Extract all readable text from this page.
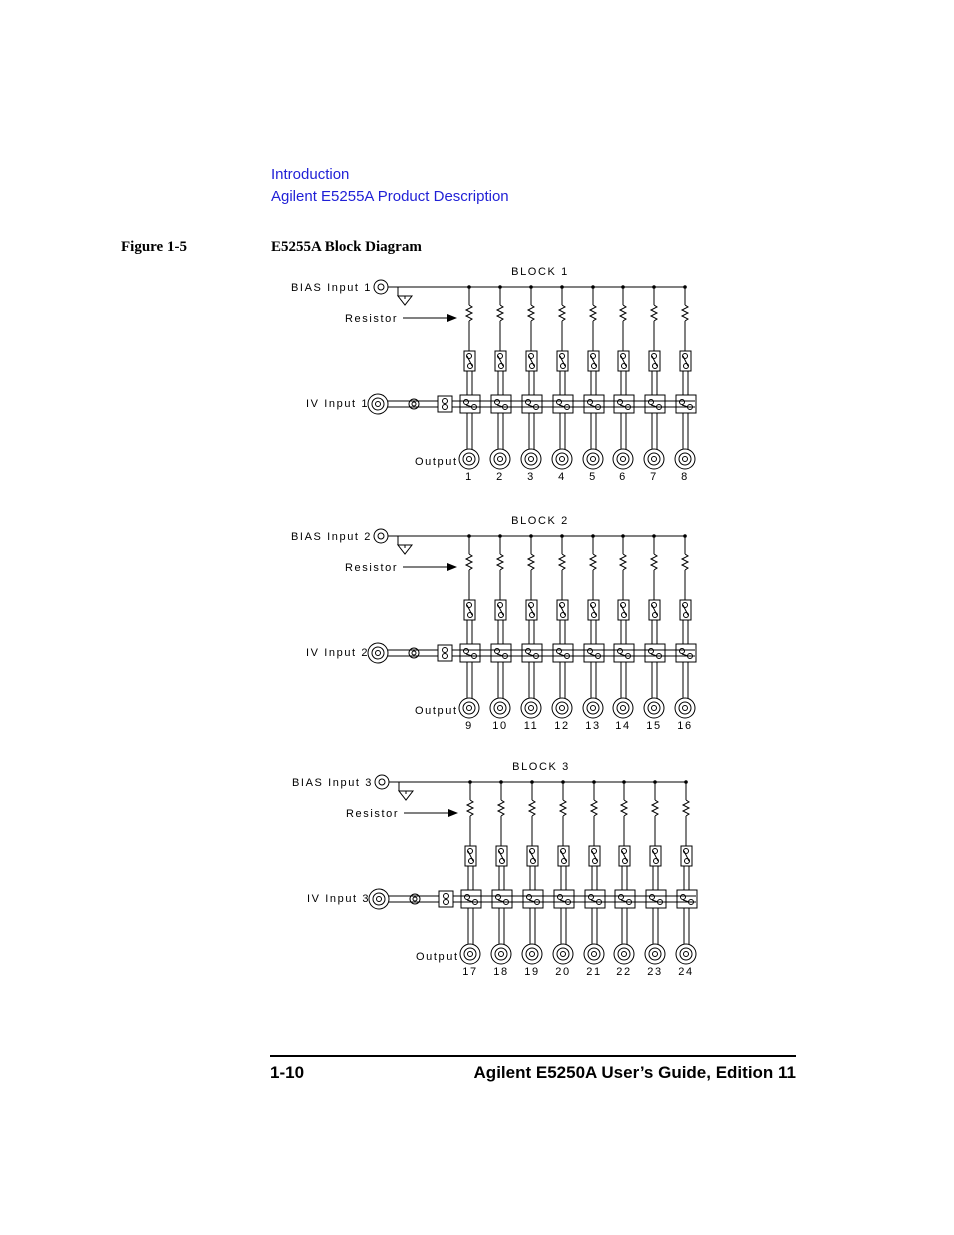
Introduction
Agilent E5255A Product Description
Figure 1-5	E5255A Block Diagram
BLOCK 1
BIAS Input 1
Resistor
IV Input 1
Output
1 2 3 4 5 6 7 8
BLOCK 2
BIAS Input 2
Resistor
IV Input 2
Output
9 10 11 12 13 14 15 16
BLOCK 3
BIAS Input 3
Resistor
IV Input 3
Output
17 18 19 20 21 22 23 24
1-10	Agilent E5250A User’s Guide, Edition 11
